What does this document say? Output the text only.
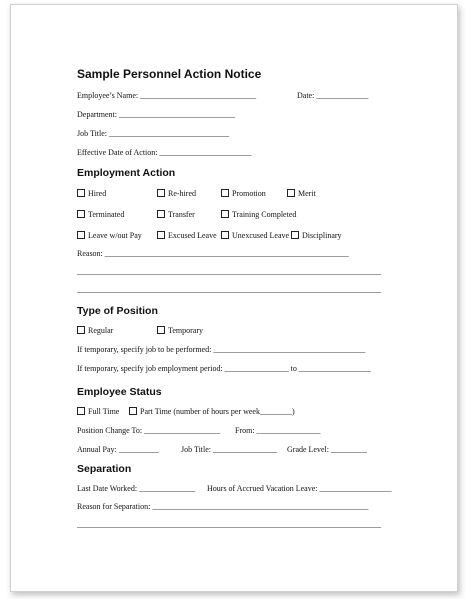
Sample Personnel Action Notice
Employee’s Name: _____________________________	Date: _____________
Department: _____________________________
Job Title: ______________________________
Effective Date of Action: _______________________
Employment Action
Hired	Re-hired	Promotion	Merit
Terminated	Transfer	Training Completed
Leave w/out Pay	Excused Leave	Unexcused Leave	Disciplinary
Reason: _____________________________________________________________
____________________________________________________________________________
____________________________________________________________________________
Type of Position
Regular	Temporary
If temporary, specify job to be performed: ______________________________________
If temporary, specify job employment period: ________________ to __________________
Employee Status
Full Time	Part Time (number of hours per week________)
Position Change To: ___________________ From: ________________
Annual Pay: __________	Job Title: ________________ Grade Level: _________
Separation
Last Date Worked: ______________ Hours of Accrued Vacation Leave: __________________
Reason for Separation: ______________________________________________________
____________________________________________________________________________
